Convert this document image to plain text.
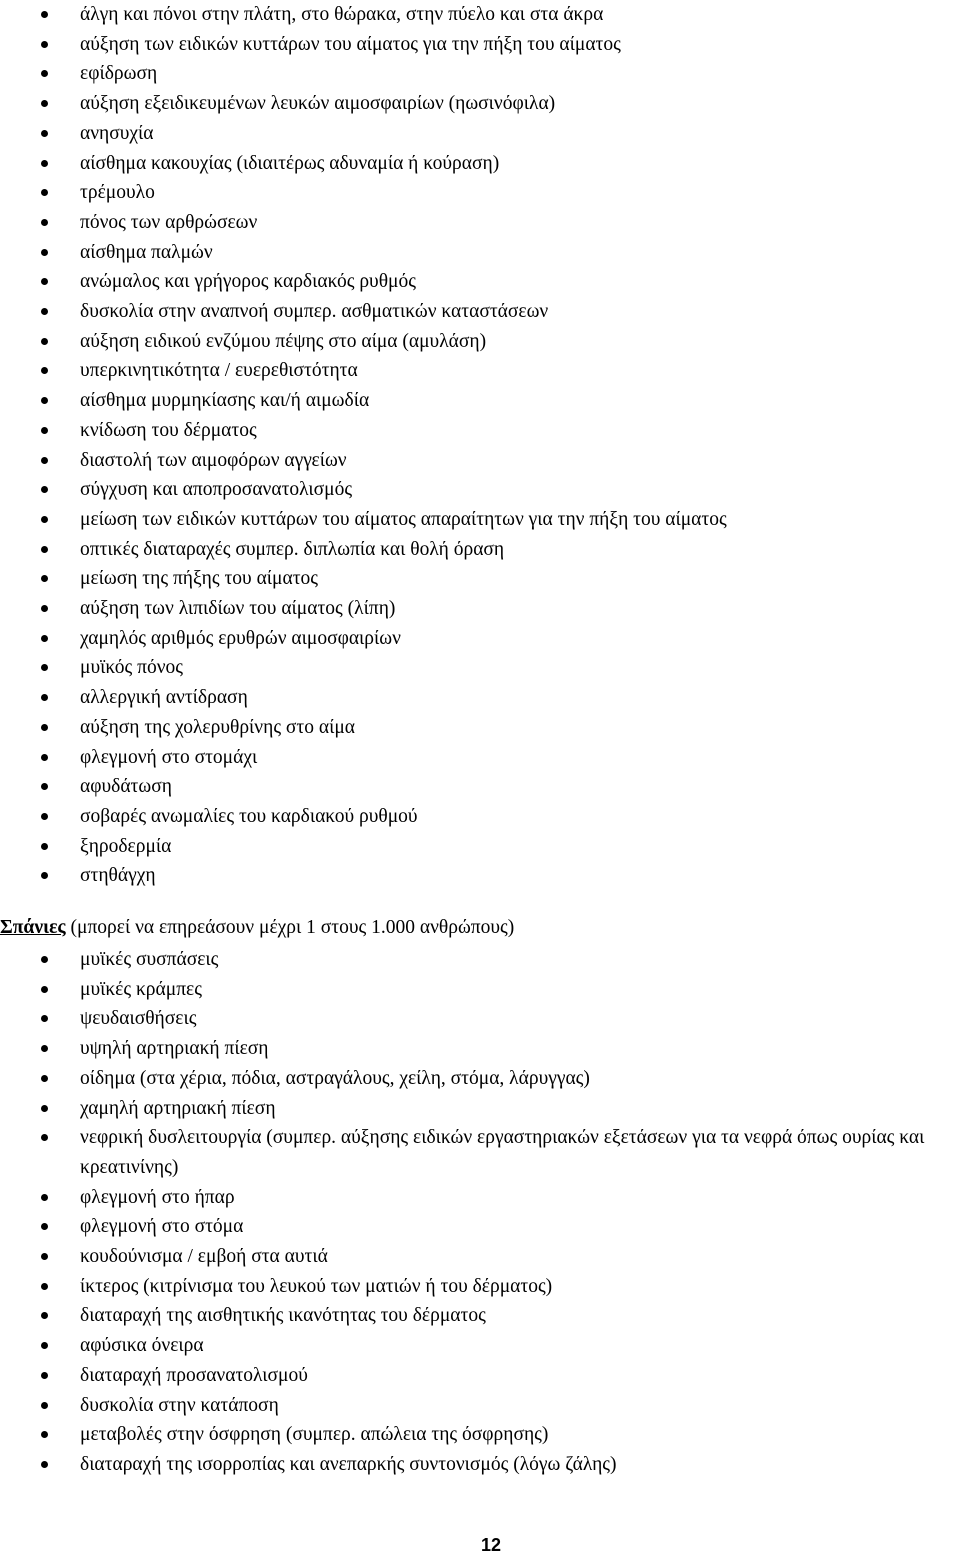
άλγη και πόνοι στην πλάτη, στο θώρακα, στην πύελο και στα άκρα
αύξηση των ειδικών κυττάρων του αίματος για την πήξη του αίματος
εφίδρωση
αύξηση εξειδικευμένων λευκών αιμοσφαιρίων (ηωσινόφιλα)
ανησυχία
αίσθημα κακουχίας (ιδιαιτέρως αδυναμία ή κούραση)
τρέμουλο
πόνος των αρθρώσεων
αίσθημα παλμών
ανώμαλος και γρήγορος καρδιακός ρυθμός
δυσκολία στην αναπνοή συμπερ. ασθματικών καταστάσεων
αύξηση ειδικού ενζύμου πέψης στο αίμα (αμυλάση)
υπερκινητικότητα / ευερεθιστότητα
αίσθημα μυρμηκίασης και/ή αιμωδία
κνίδωση του δέρματος
διαστολή των αιμοφόρων αγγείων
σύγχυση και αποπροσανατολισμός
μείωση των ειδικών κυττάρων του αίματος απαραίτητων για την πήξη του αίματος
οπτικές διαταραχές συμπερ. διπλωπία και θολή όραση
μείωση της πήξης του αίματος
αύξηση των λιπιδίων του αίματος (λίπη)
χαμηλός αριθμός ερυθρών αιμοσφαιρίων
μυϊκός πόνος
αλλεργική αντίδραση
αύξηση της χολερυθρίνης στο αίμα
φλεγμονή στο στομάχι
αφυδάτωση
σοβαρές ανωμαλίες του καρδιακού ρυθμού
ξηροδερμία
στηθάγχη
Σπάνιες (μπορεί να επηρεάσουν μέχρι 1 στους 1.000 ανθρώπους)
μυϊκές συσπάσεις
μυϊκές κράμπες
ψευδαισθήσεις
υψηλή αρτηριακή πίεση
οίδημα (στα χέρια, πόδια, αστραγάλους, χείλη, στόμα, λάρυγγας)
χαμηλή αρτηριακή πίεση
νεφρική δυσλειτουργία (συμπερ. αύξησης ειδικών εργαστηριακών εξετάσεων για τα νεφρά όπως ουρίας και κρεατινίνης)
φλεγμονή στο ήπαρ
φλεγμονή στο στόμα
κουδούνισμα / εμβοή στα αυτιά
ίκτερος (κιτρίνισμα του λευκού των ματιών ή του δέρματος)
διαταραχή της αισθητικής ικανότητας του δέρματος
αφύσικα όνειρα
διαταραχή προσανατολισμού
δυσκολία στην κατάποση
μεταβολές στην όσφρηση (συμπερ. απώλεια της όσφρησης)
διαταραχή της ισορροπίας και ανεπαρκής συντονισμός (λόγω ζάλης)
12
